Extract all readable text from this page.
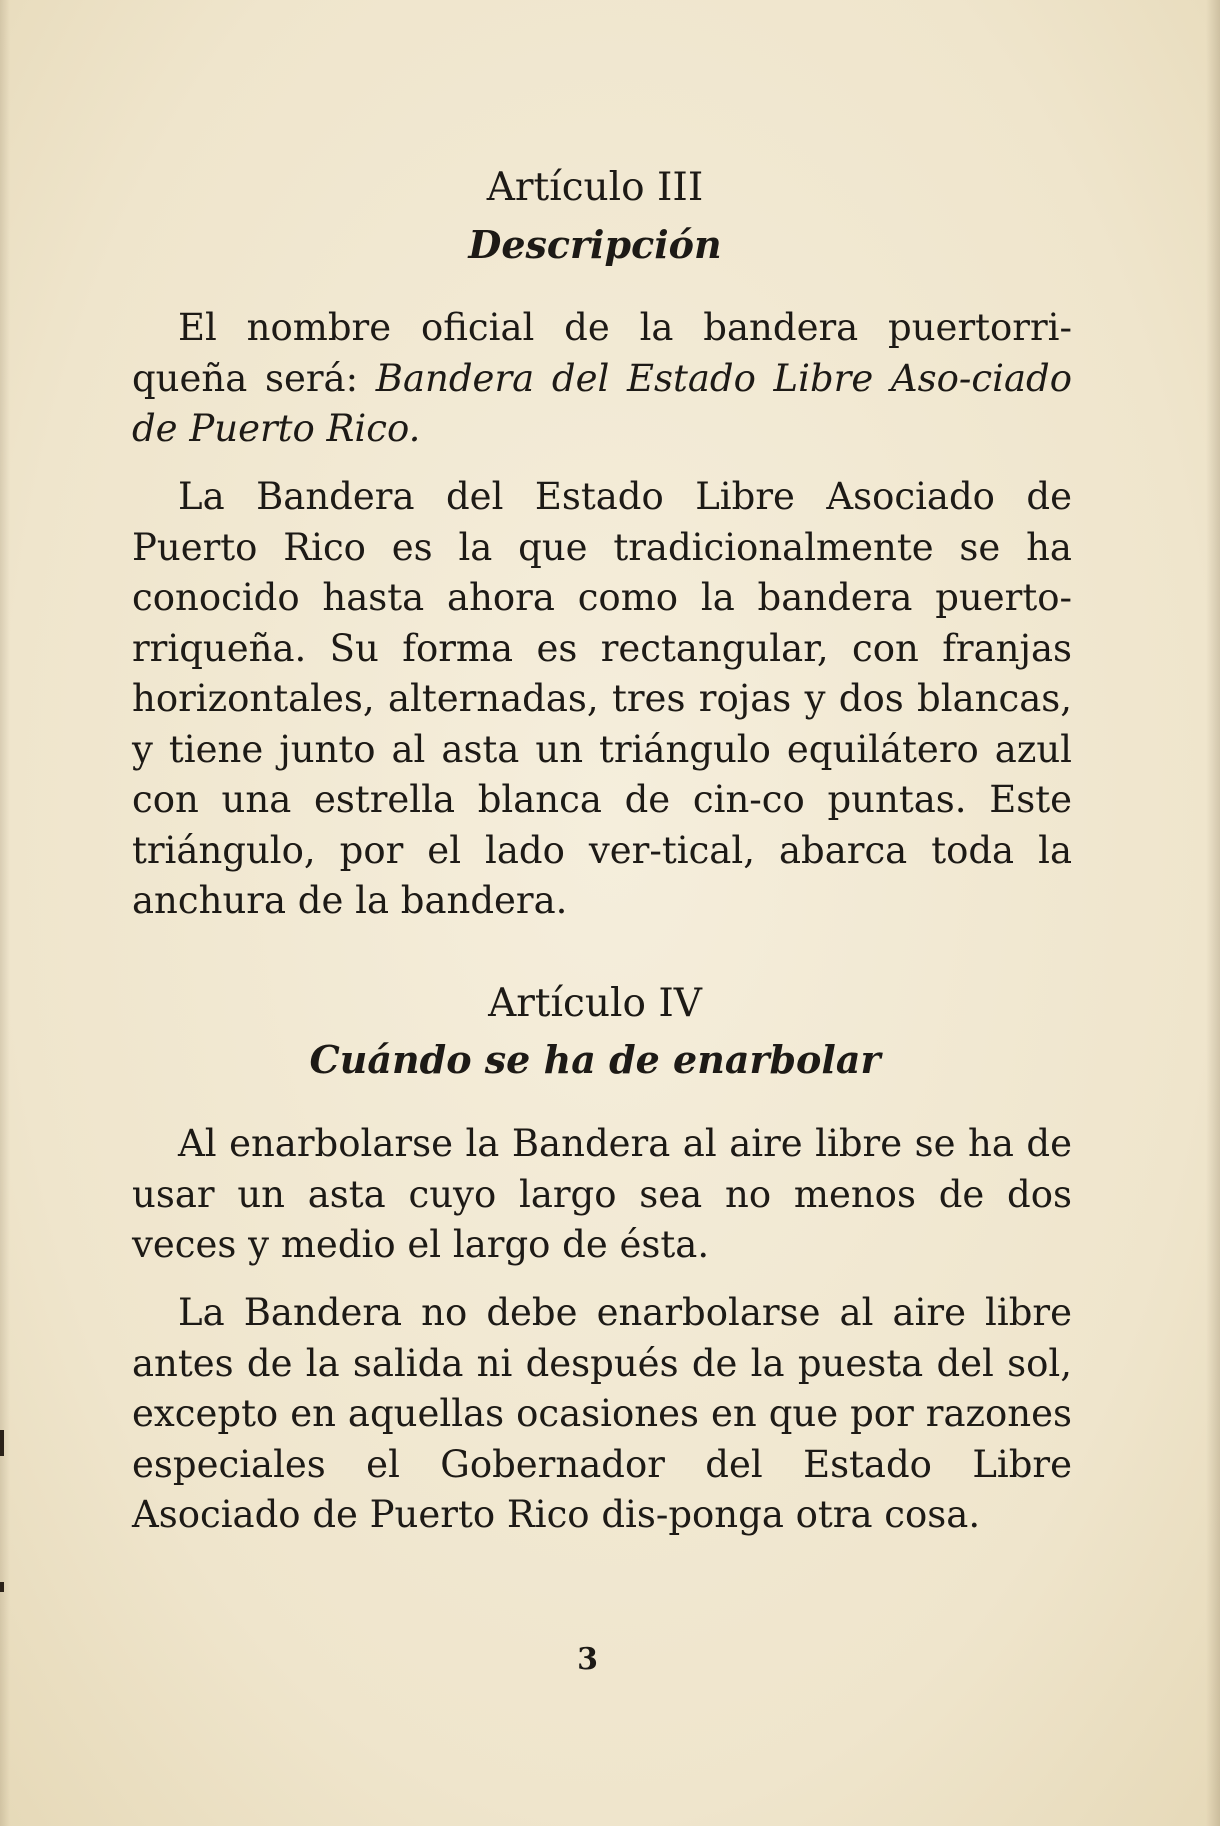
Artículo III
Descripción

El nombre oficial de la bandera puertorri-queña será: Bandera del Estado Libre Aso-ciado de Puerto Rico.

La Bandera del Estado Libre Asociado de Puerto Rico es la que tradicionalmente se ha conocido hasta ahora como la bandera puerto-rriqueña. Su forma es rectangular, con franjas horizontales, alternadas, tres rojas y dos blancas, y tiene junto al asta un triángulo equilátero azul con una estrella blanca de cin-co puntas. Este triángulo, por el lado ver-tical, abarca toda la anchura de la bandera.

Artículo IV
Cuándo se ha de enarbolar

Al enarbolarse la Bandera al aire libre se ha de usar un asta cuyo largo sea no menos de dos veces y medio el largo de ésta.

La Bandera no debe enarbolarse al aire libre antes de la salida ni después de la puesta del sol, excepto en aquellas ocasiones en que por razones especiales el Gobernador del Estado Libre Asociado de Puerto Rico dis-ponga otra cosa.

3
